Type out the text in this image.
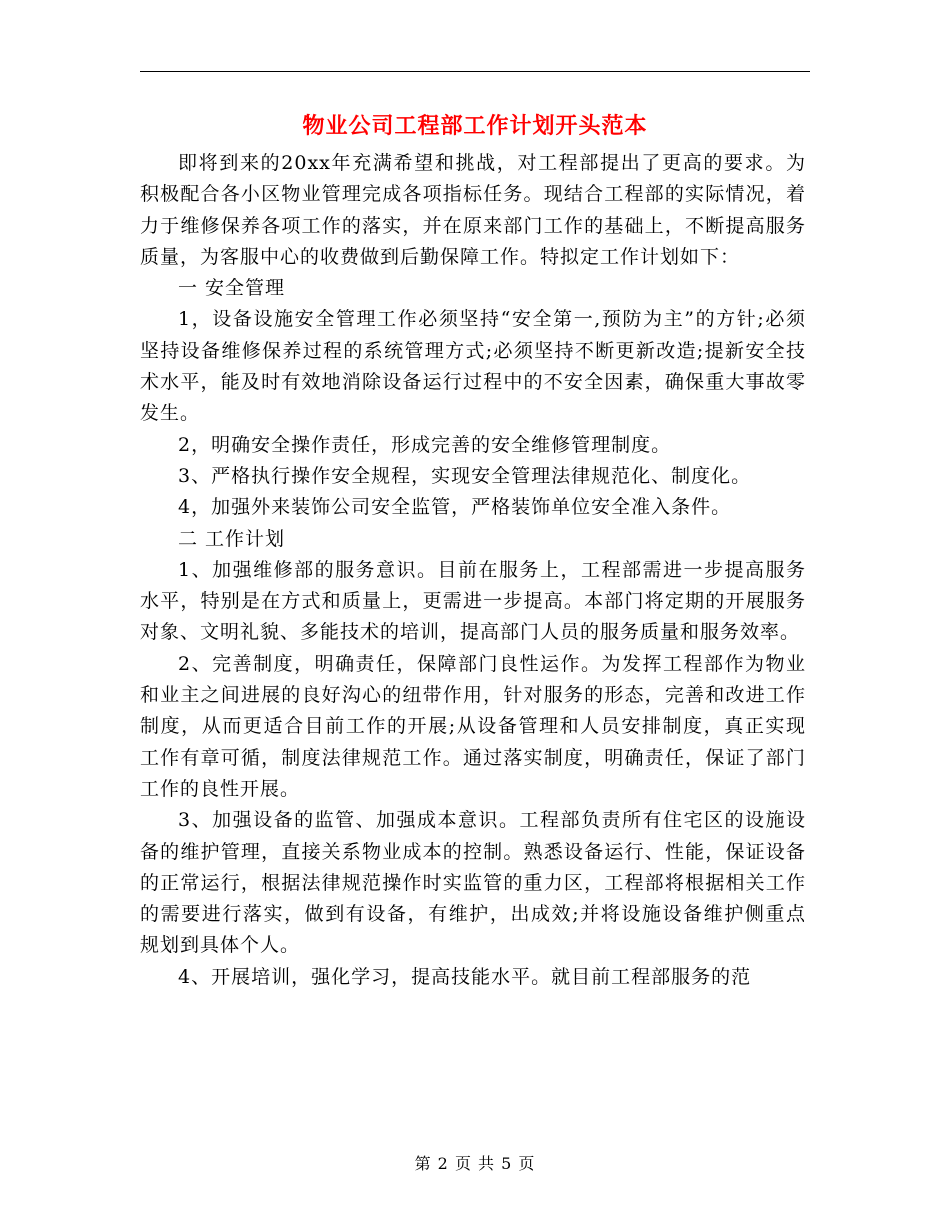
物业公司工程部工作计划开头范本

即将到来的20xx年充满希望和挑战，对工程部提出了更高的要求。为积极配合各小区物业管理完成各项指标任务。现结合工程部的实际情况，着力于维修保养各项工作的落实，并在原来部门工作的基础上，不断提高服务质量，为客服中心的收费做到后勤保障工作。特拟定工作计划如下：

一 安全管理

1，设备设施安全管理工作必须坚持“安全第一,预防为主”的方针;必须坚持设备维修保养过程的系统管理方式;必须坚持不断更新改造;提新安全技术水平，能及时有效地消除设备运行过程中的不安全因素，确保重大事故零发生。

2，明确安全操作责任，形成完善的安全维修管理制度。

3、严格执行操作安全规程，实现安全管理法律规范化、制度化。

4，加强外来装饰公司安全监管，严格装饰单位安全准入条件。

二 工作计划

1、加强维修部的服务意识。目前在服务上，工程部需进一步提高服务水平，特别是在方式和质量上，更需进一步提高。本部门将定期的开展服务对象、文明礼貌、多能技术的培训，提高部门人员的服务质量和服务效率。

2、完善制度，明确责任，保障部门良性运作。为发挥工程部作为物业和业主之间进展的良好沟心的纽带作用，针对服务的形态，完善和改进工作制度，从而更适合目前工作的开展;从设备管理和人员安排制度，真正实现工作有章可循，制度法律规范工作。通过落实制度，明确责任，保证了部门工作的良性开展。

3、加强设备的监管、加强成本意识。工程部负责所有住宅区的设施设备的维护管理，直接关系物业成本的控制。熟悉设备运行、性能，保证设备的正常运行，根据法律规范操作时实监管的重力区，工程部将根据相关工作的需要进行落实，做到有设备，有维护，出成效;并将设施设备维护侧重点规划到具体个人。

4、开展培训，强化学习，提高技能水平。就目前工程部服务的范

第 2 页 共 5 页
